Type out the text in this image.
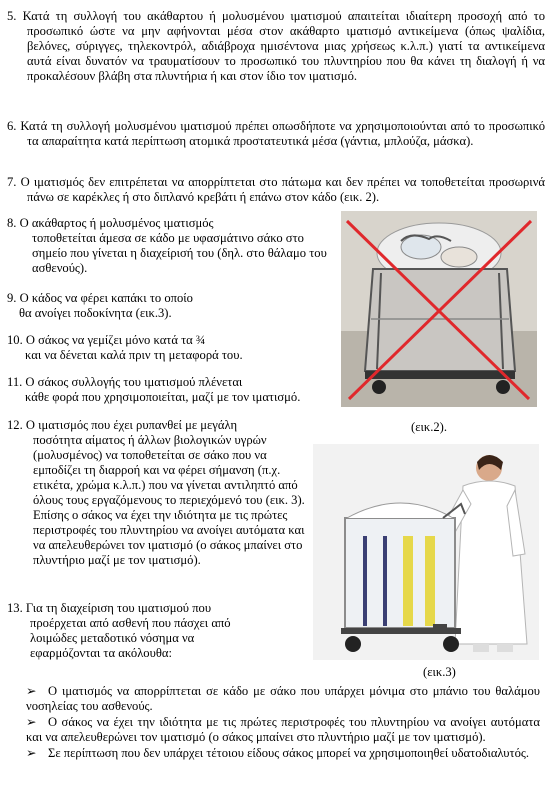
5. Κατά τη συλλογή του ακάθαρτου ή μολυσμένου ιματισμού απαιτείται ιδιαίτερη προσοχή από το προσωπικό ώστε να μην αφήνονται μέσα στον ακάθαρτο ιματισμό αντικείμενα (όπως ψαλίδια, βελόνες, σύριγγες, τηλεκοντρόλ, αδιάβροχα ημισέντονα μιας χρήσεως κ.λ.π.) γιατί τα αντικείμενα αυτά είναι δυνατόν να τραυματίσουν το προσωπικό του πλυντηρίου που θα κάνει τη διαλογή ή να προκαλέσουν βλάβη στα πλυντήρια ή και στον ίδιο τον ιματισμό.
6. Κατά τη συλλογή μολυσμένου ιματισμού πρέπει οπωσδήποτε να χρησιμοποιούνται από το προσωπικό τα απαραίτητα κατά περίπτωση ατομικά προστατευτικά μέσα (γάντια, μπλούζα, μάσκα).
7. Ο ιματισμός δεν επιτρέπεται να απορρίπτεται στο πάτωμα και δεν πρέπει να τοποθετείται προσωρινά πάνω σε καρέκλες ή στο διπλανό κρεβάτι ή επάνω στον κάδο (εικ. 2).
8. Ο ακάθαρτος ή μολυσμένος ιματισμός
τοποθετείται άμεσα σε κάδο με υφασμάτινο σάκο στο σημείο που γίνεται η διαχείρισή του (δηλ. στο θάλαμο του ασθενούς).
9. Ο κάδος να φέρει καπάκι το οποίο
θα ανοίγει ποδοκίνητα (εικ.3).
10. Ο σάκος να γεμίζει μόνο κατά τα ¾
και να δένεται καλά πριν τη μεταφορά του.
11. Ο σάκος συλλογής του ιματισμού πλένεται
κάθε φορά που χρησιμοποιείται, μαζί με τον ιματισμό.
(εικ.2).
12. Ο ιματισμός που έχει ρυπανθεί με μεγάλη
ποσότητα αίματος ή άλλων βιολογικών υγρών (μολυσμένος) να τοποθετείται σε σάκο που να εμποδίζει τη διαρροή και να φέρει σήμανση (π.χ. ετικέτα, χρώμα κ.λ.π.) που να γίνεται αντιληπτό από όλους τους εργαζόμενους το περιεχόμενό του (εικ. 3). Επίσης ο σάκος να έχει την ιδιότητα με τις πρώτες περιστροφές του πλυντηρίου να ανοίγει αυτόματα και να απελευθερώνει τον ιματισμό (ο σάκος μπαίνει στο πλυντήριο μαζί με τον ιματισμό).
13. Για τη διαχείριση του ιματισμού που
προέρχεται από ασθενή που πάσχει από λοιμώδες μεταδοτικό νόσημα να εφαρμόζονται τα ακόλουθα:
(εικ.3)
➢ Ο ιματισμός να απορρίπτεται σε κάδο με σάκο που υπάρχει μόνιμα στο μπάνιο του θαλάμου νοσηλείας του ασθενούς.
➢ Ο σάκος να έχει την ιδιότητα με τις πρώτες περιστροφές του πλυντηρίου να ανοίγει αυτόματα και να απελευθερώνει τον ιματισμό (ο σάκος μπαίνει στο πλυντήριο μαζί με τον ιματισμό).
➢ Σε περίπτωση που δεν υπάρχει τέτοιου είδους σάκος μπορεί να χρησιμοποιηθεί υδατοδιαλυτός.
